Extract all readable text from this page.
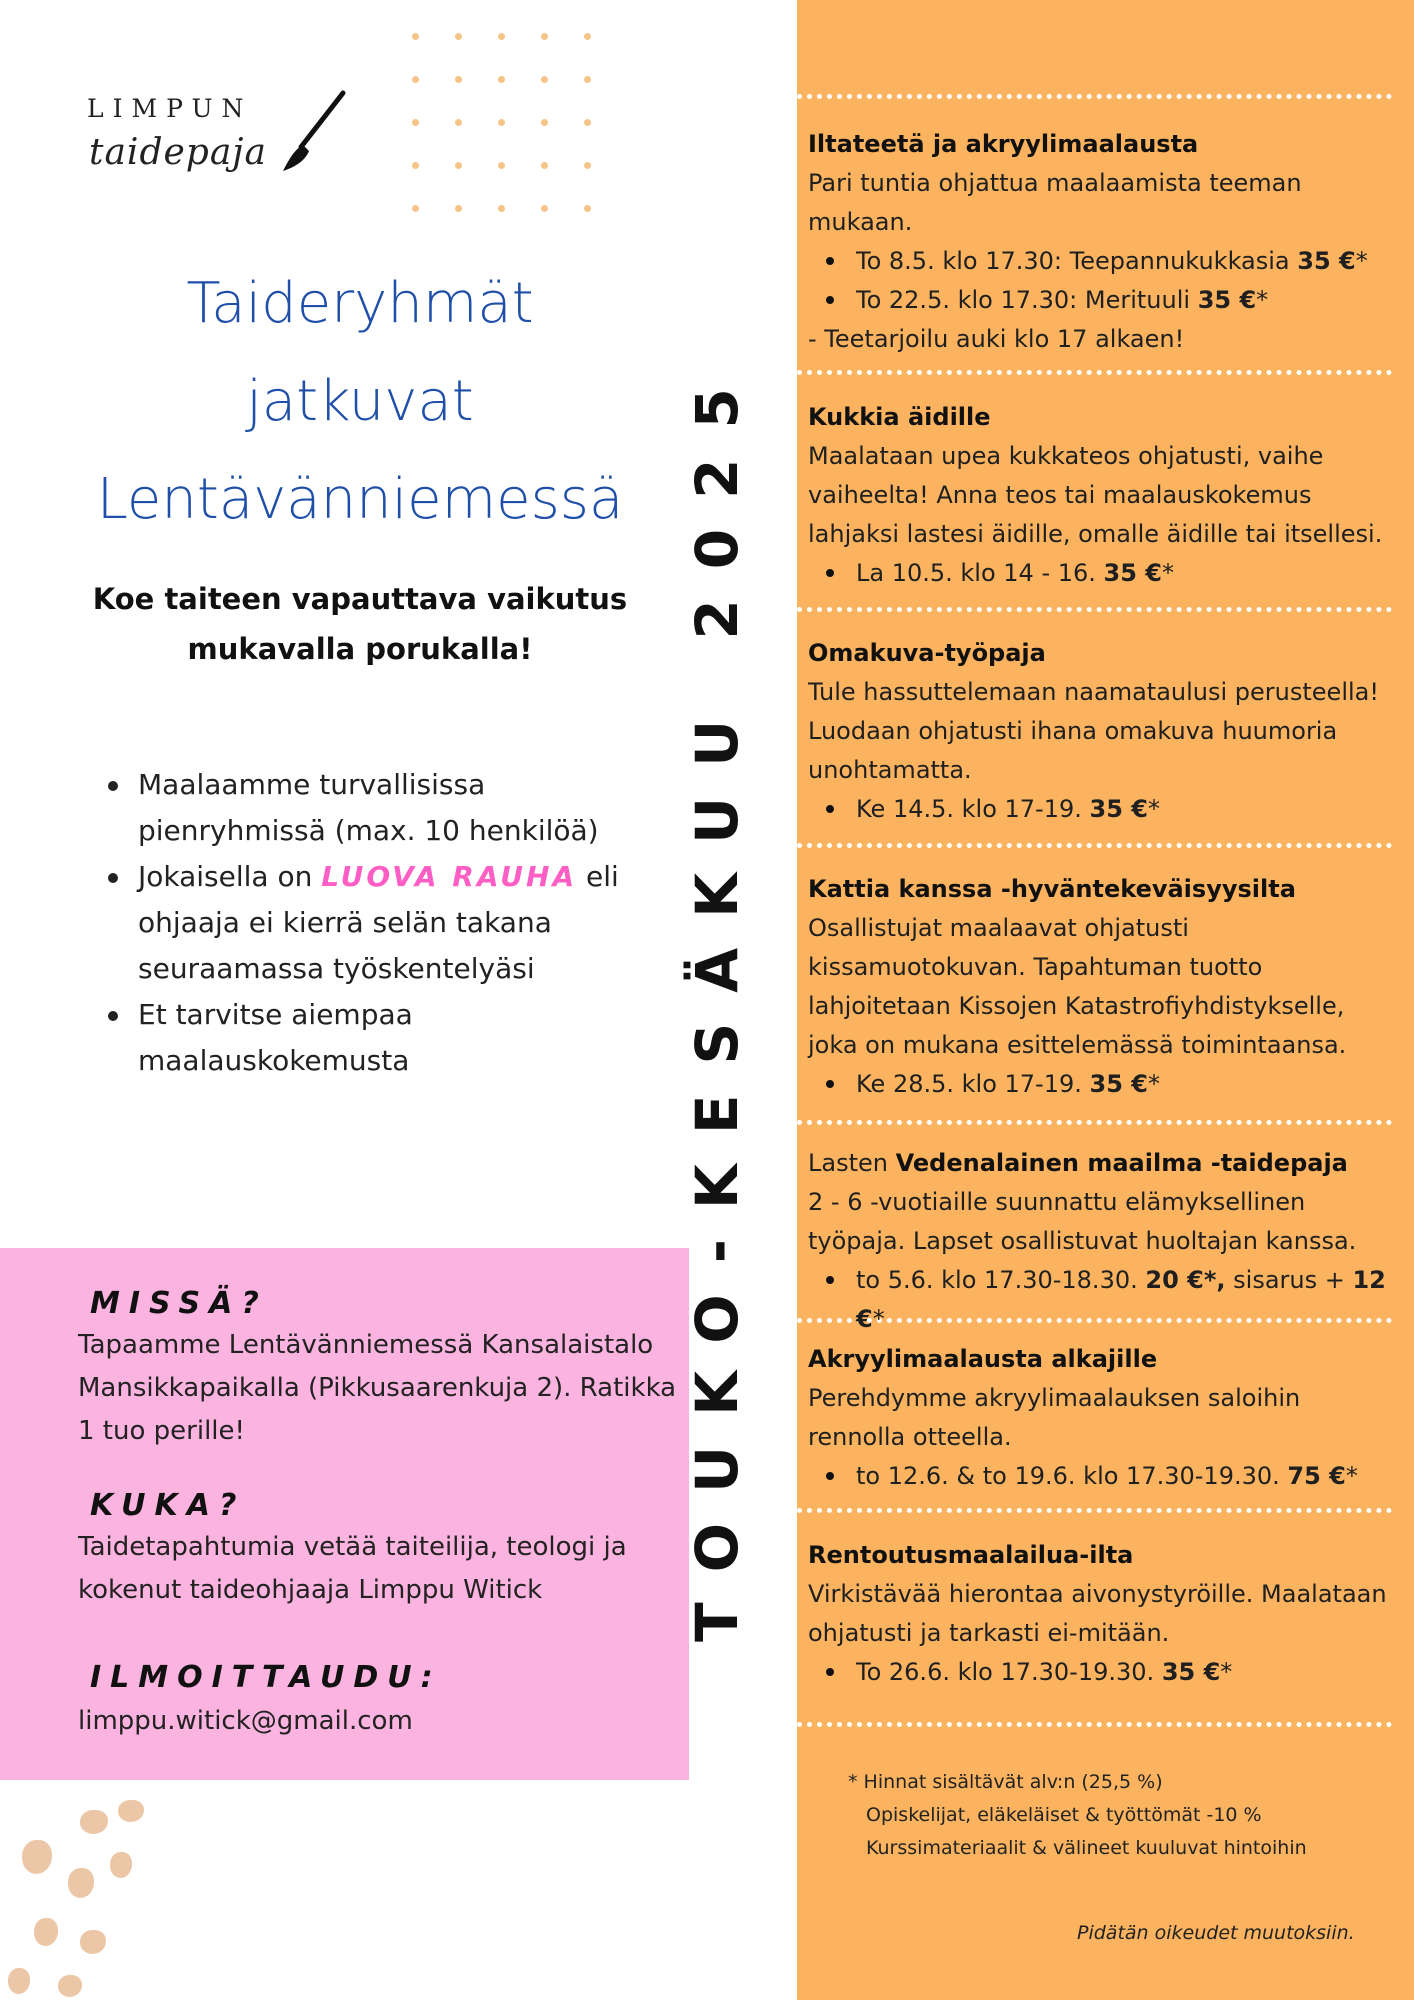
LIMPUN
taidepaja
Taideryhmät
jatkuvat
Lentävänniemessä
Koe taiteen vapauttava vaikutus
mukavalla porukalla!
Maalaamme turvallisissa pienryhmissä (max. 10 henkilöä)
Jokaisella on LUOVA RAUHA eli ohjaaja ei kierrä selän takana seuraamassa työskentelyäsi
Et tarvitse aiempaa maalauskokemusta
MISSÄ?
Tapaamme Lentävänniemessä Kansalaistalo Mansikkapaikalla (Pikkusaarenkuja 2). Ratikka 1 tuo perille!
KUKA?
Taidetapahtumia vetää taiteilija, teologi ja kokenut taideohjaaja Limppu Witick
ILMOITTAUDU:
limppu.witick@gmail.com
TOUKO-KESÄKUU 2025
Iltateetä ja akryylimaalausta
Pari tuntia ohjattua maalaamista teeman mukaan.
To 8.5. klo 17.30: Teepannukukkasia 35 €*
To 22.5. klo 17.30: Merituuli 35 €*
- Teetarjoilu auki klo 17 alkaen!
Kukkia äidille
Maalataan upea kukkateos ohjatusti, vaihe vaiheelta! Anna teos tai maalauskokemus lahjaksi lastesi äidille, omalle äidille tai itsellesi.
La 10.5. klo 14 - 16. 35 €*
Omakuva-työpaja
Tule hassuttelemaan naamataulusi perusteella! Luodaan ohjatusti ihana omakuva huumoria unohtamatta.
Ke 14.5. klo 17-19. 35 €*
Kattia kanssa -hyväntekeväisyysilta
Osallistujat maalaavat ohjatusti kissamuotokuvan. Tapahtuman tuotto lahjoitetaan Kissojen Katastrofiyhdistykselle, joka on mukana esittelemässä toimintaansa.
Ke 28.5. klo 17-19. 35 €*
Lasten Vedenalainen maailma -taidepaja
2 - 6 -vuotiaille suunnattu elämyksellinen työpaja. Lapset osallistuvat huoltajan kanssa.
to 5.6. klo 17.30-18.30. 20 €*, sisarus + 12 €*
Akryylimaalausta alkajille
Perehdymme akryylimaalauksen saloihin rennolla otteella.
to 12.6. & to 19.6. klo 17.30-19.30. 75 €*
Rentoutusmaalailua-ilta
Virkistävää hierontaa aivonystyröille. Maalataan ohjatusti ja tarkasti ei-mitään.
To 26.6. klo 17.30-19.30. 35 €*
* Hinnat sisältävät alv:n (25,5 %)
Opiskelijat, eläkeläiset & työttömät -10 %
Kurssimateriaalit & välineet kuuluvat hintoihin
Pidätän oikeudet muutoksiin.
